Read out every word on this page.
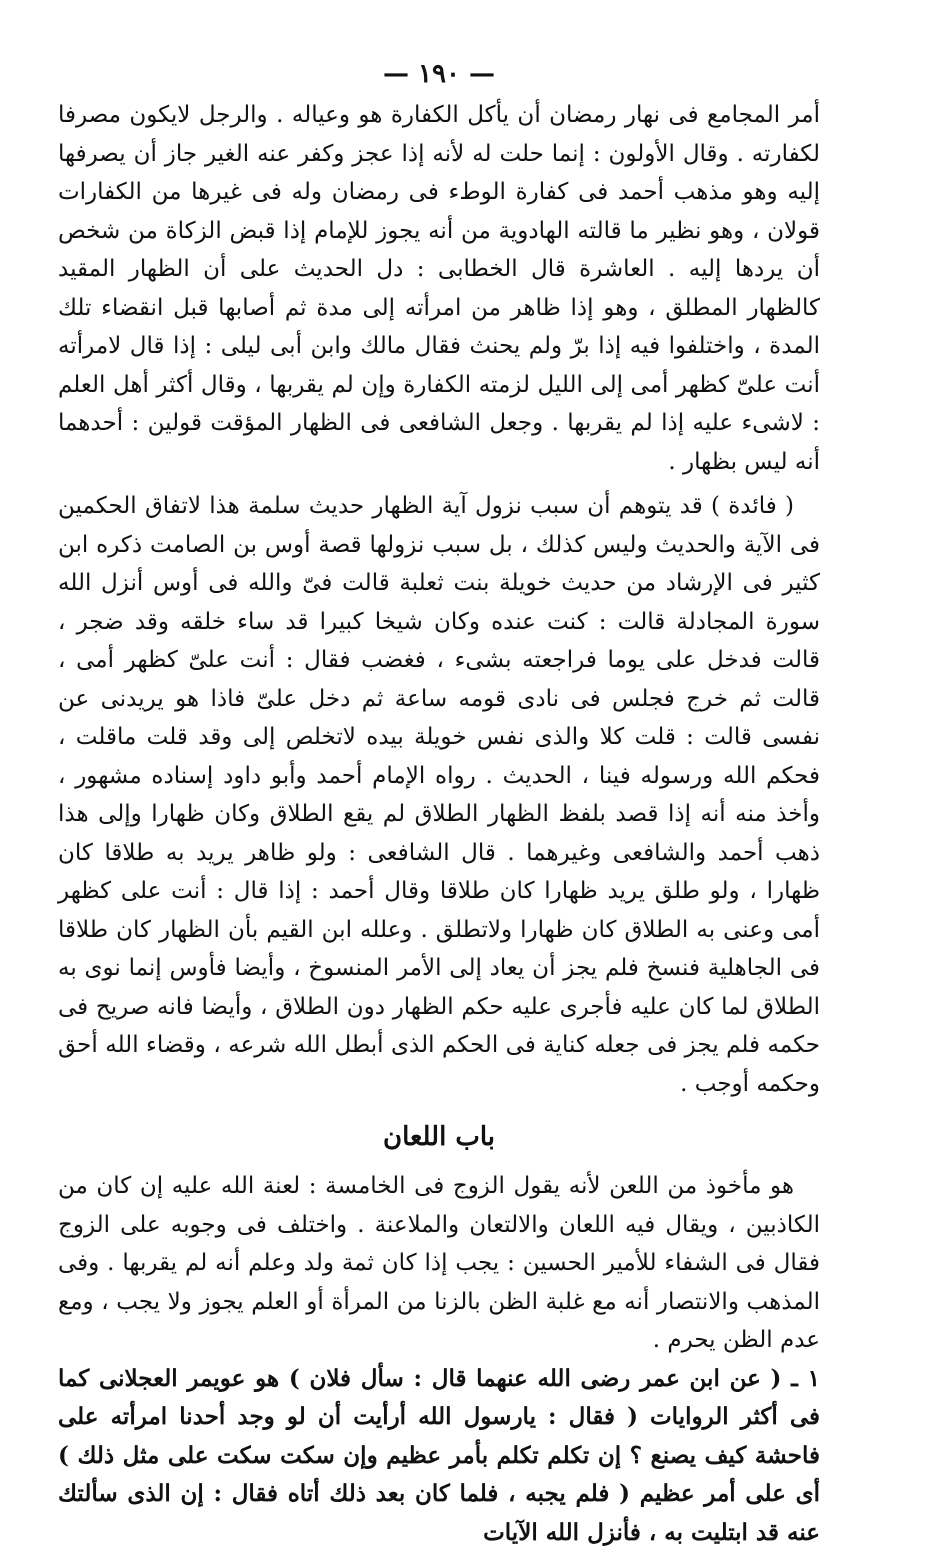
— ١٩٠ —

أمر المجامع فى نهار رمضان أن يأكل الكفارة هو وعياله . والرجل لايكون مصرفا لكفارته . وقال الأولون : إنما حلت له لأنه إذا عجز وكفر عنه الغير جاز أن يصرفها إليه وهو مذهب أحمد فى كفارة الوطء فى رمضان وله فى غيرها من الكفارات قولان ، وهو نظير ما قالته الهادوية من أنه يجوز للإمام إذا قبض الزكاة من شخص أن يردها إليه . العاشرة قال الخطابى : دل الحديث على أن الظهار المقيد كالظهار المطلق ، وهو إذا ظاهر من امرأته إلى مدة ثم أصابها قبل انقضاء تلك المدة ، واختلفوا فيه إذا برّ ولم يحنث فقال مالك وابن أبى ليلى : إذا قال لامرأته أنت علىّ كظهر أمى إلى الليل لزمته الكفارة وإن لم يقربها ، وقال أكثر أهل العلم : لاشىء عليه إذا لم يقربها . وجعل الشافعى فى الظهار المؤقت قولين : أحدهما أنه ليس بظهار .

( فائدة ) قد يتوهم أن سبب نزول آية الظهار حديث سلمة هذا لاتفاق الحكمين فى الآية والحديث وليس كذلك ، بل سبب نزولها قصة أوس بن الصامت ذكره ابن كثير فى الإرشاد من حديث خويلة بنت ثعلبة قالت فىّ والله فى أوس أنزل الله سورة المجادلة قالت : كنت عنده وكان شيخا كبيرا قد ساء خلقه وقد ضجر ، قالت فدخل على يوما فراجعته بشىء ، فغضب فقال : أنت علىّ كظهر أمى ، قالت ثم خرج فجلس فى نادى قومه ساعة ثم دخل علىّ فاذا هو يريدنى عن نفسى قالت : قلت كلا والذى نفس خويلة بيده لاتخلص إلى وقد قلت ماقلت ، فحكم الله ورسوله فينا ، الحديث . رواه الإمام أحمد وأبو داود إسناده مشهور ، وأخذ منه أنه إذا قصد بلفظ الظهار الطلاق لم يقع الطلاق وكان ظهارا وإلى هذا ذهب أحمد والشافعى وغيرهما . قال الشافعى : ولو ظاهر يريد به طلاقا كان ظهارا ، ولو طلق يريد ظهارا كان طلاقا وقال أحمد : إذا قال : أنت على كظهر أمى وعنى به الطلاق كان ظهارا ولاتطلق . وعلله ابن القيم بأن الظهار كان طلاقا فى الجاهلية فنسخ فلم يجز أن يعاد إلى الأمر المنسوخ ، وأيضا فأوس إنما نوى به الطلاق لما كان عليه فأجرى عليه حكم الظهار دون الطلاق ، وأيضا فانه صريح فى حكمه فلم يجز فى جعله كناية فى الحكم الذى أبطل الله شرعه ، وقضاء الله أحق وحكمه أوجب .

باب اللعان

هو مأخوذ من اللعن لأنه يقول الزوج فى الخامسة : لعنة الله عليه إن كان من الكاذبين ، ويقال فيه اللعان والالتعان والملاعنة . واختلف فى وجوبه على الزوج فقال فى الشفاء للأمير الحسين : يجب إذا كان ثمة ولد وعلم أنه لم يقربها . وفى المذهب والانتصار أنه مع غلبة الظن بالزنا من المرأة أو العلم يجوز ولا يجب ، ومع عدم الظن يحرم .

١ ـ ( عن ابن عمر رضى الله عنهما قال : سأل فلان ) هو عويمر العجلانى كما فى أكثر الروايات ( فقال : يارسول الله أرأيت أن لو وجد أحدنا امرأته على فاحشة كيف يصنع ؟ إن تكلم تكلم بأمر عظيم وإن سكت سكت على مثل ذلك ) أى على أمر عظيم ( فلم يجبه ، فلما كان بعد ذلك أتاه فقال : إن الذى سألتك عنه قد ابتليت به ، فأنزل الله الآيات
